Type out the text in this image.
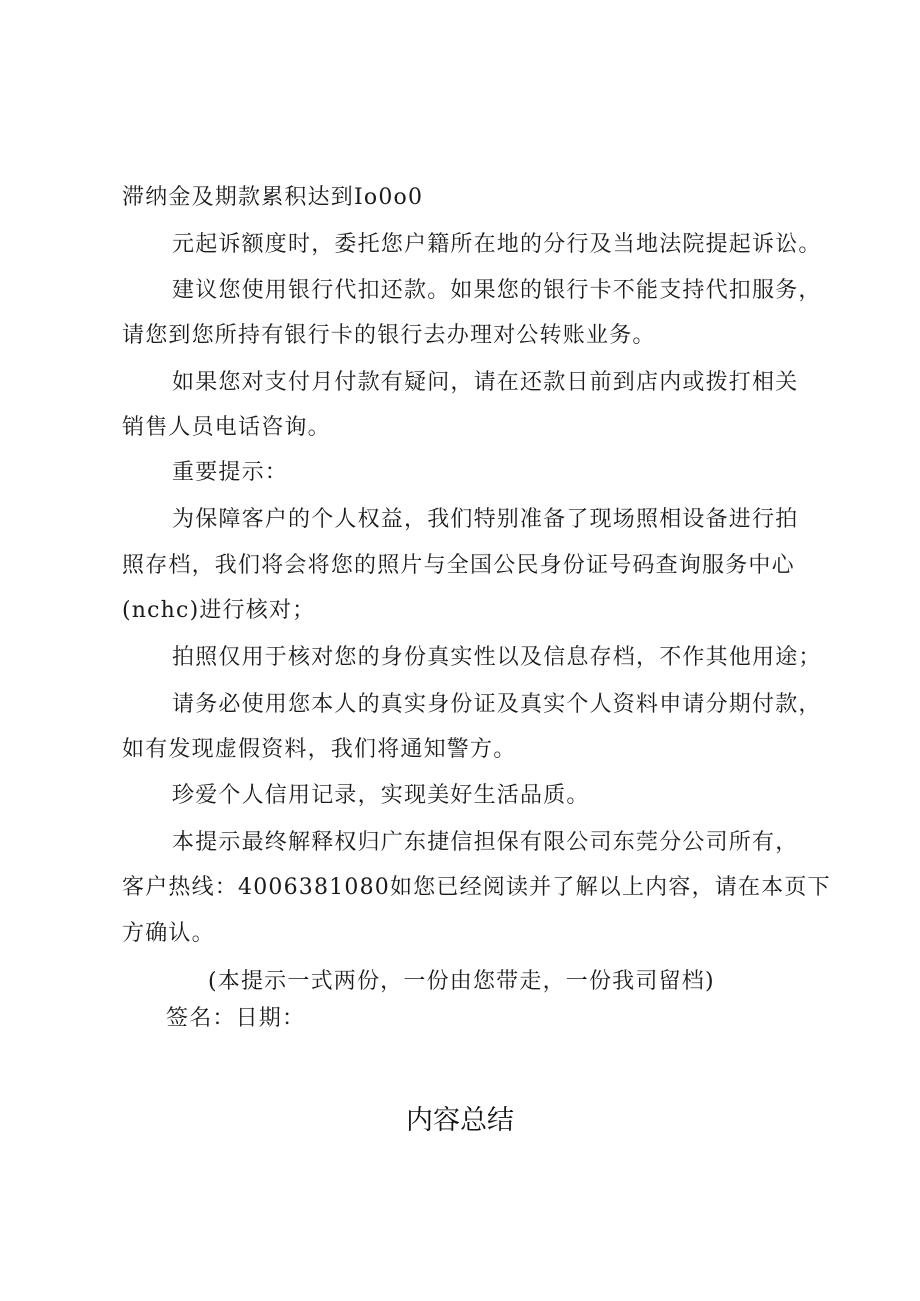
滞纳金及期款累积达到Io0o0
元起诉额度时，委托您户籍所在地的分行及当地法院提起诉讼。
建议您使用银行代扣还款。如果您的银行卡不能支持代扣服务，
请您到您所持有银行卡的银行去办理对公转账业务。
如果您对支付月付款有疑问，请在还款日前到店内或拨打相关
销售人员电话咨询。
重要提示：
为保障客户的个人权益，我们特别准备了现场照相设备进行拍
照存档，我们将会将您的照片与全国公民身份证号码查询服务中心
(nchc)进行核对；
拍照仅用于核对您的身份真实性以及信息存档，不作其他用途；
请务必使用您本人的真实身份证及真实个人资料申请分期付款，
如有发现虚假资料，我们将通知警方。
珍爱个人信用记录，实现美好生活品质。
本提示最终解释权归广东捷信担保有限公司东莞分公司所有，
客户热线：4006381080如您已经阅读并了解以上内容，请在本页下
方确认。
(本提示一式两份，一份由您带走，一份我司留档)
签名：日期：
内容总结
